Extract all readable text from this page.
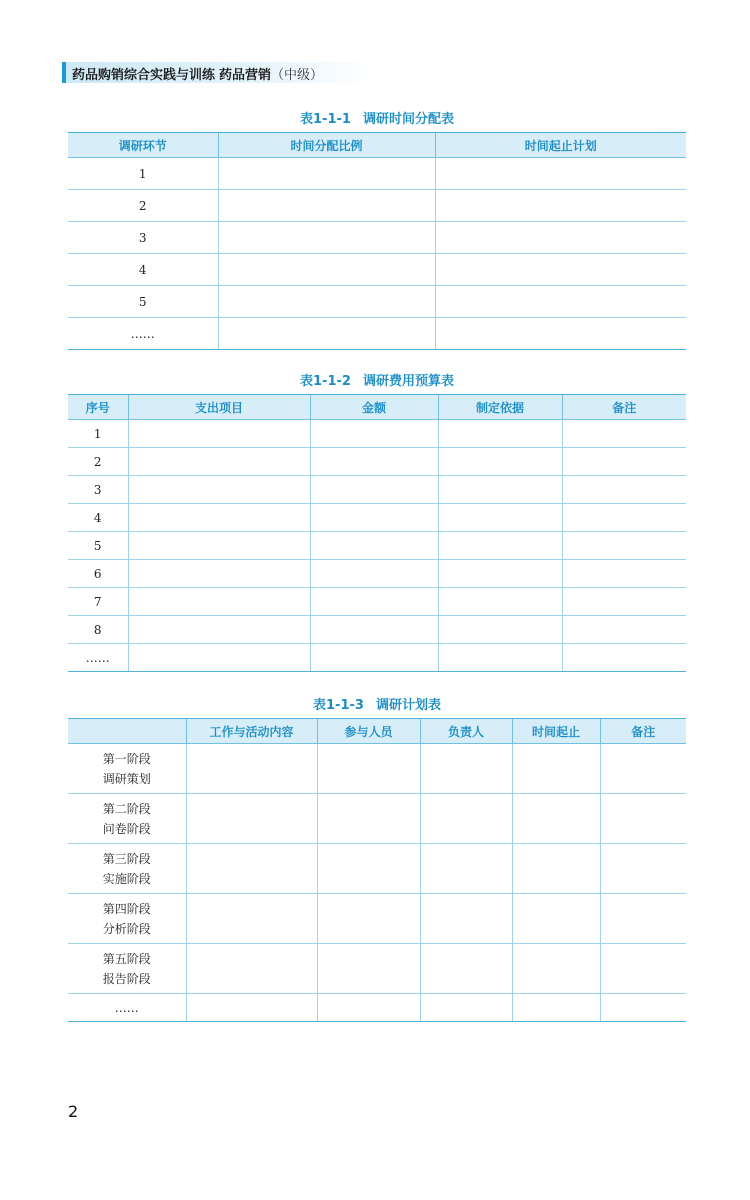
药品购销综合实践与训练 药品营销（中级）
表1-1-1 调研时间分配表
调研环节	时间分配比例	时间起止计划
1		
2		
3		
4		
5		
……		
表1-1-2 调研费用预算表
序号	支出项目	金额	制定依据	备注
1				
2				
3				
4				
5				
6				
7				
8				
……				
表1-1-3 调研计划表
	工作与活动内容	参与人员	负责人	时间起止	备注

第一阶段
调研策划					

第二阶段
问卷阶段					

第三阶段
实施阶段					

第四阶段
分析阶段					

第五阶段
报告阶段					

……					
2
